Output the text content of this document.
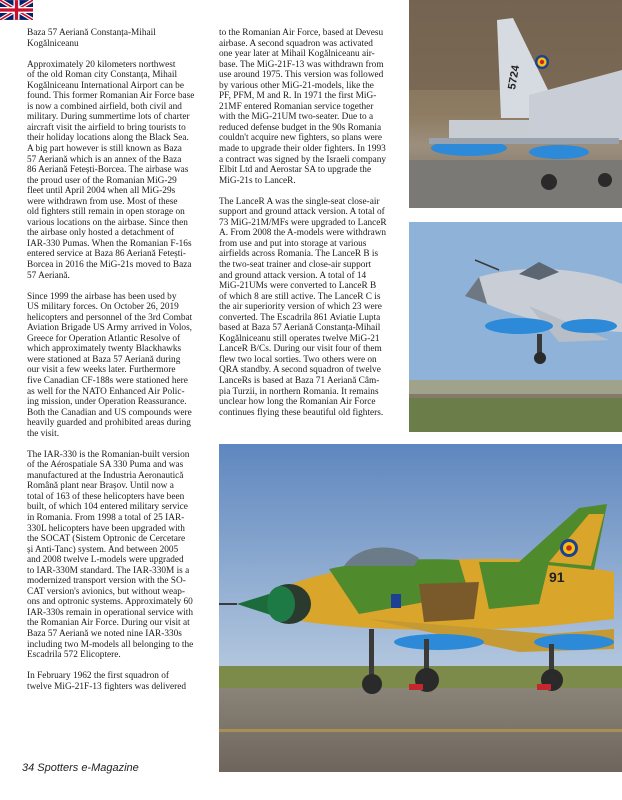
Baza 57 Aeriană Constanța-Mihail
Kogălniceanu

Approximately 20 kilometers northwest
of the old Roman city Constanța, Mihail
Kogălniceanu International Airport can be
found. This former Romanian Air Force base
is now a combined airfield, both civil and
military. During summertime lots of charter
aircraft visit the airfield to bring tourists to
their holiday locations along the Black Sea.
A big part however is still known as Baza
57 Aeriană which is an annex of the Baza
86 Aeriană Fetești-Borcea. The airbase was
the proud user of the Romanian MiG-29
fleet until April 2004 when all MiG-29s
were withdrawn from use. Most of these
old fighters still remain in open storage on
various locations on the airbase. Since then
the airbase only hosted a detachment of
IAR-330 Pumas. When the Romanian F-16s
entered service at Baza 86 Aeriană Fetești-
Borcea in 2016 the MiG-21s moved to Baza
57 Aeriană.

Since 1999 the airbase has been used by
US military forces. On October 26, 2019
helicopters and personnel of the 3rd Combat
Aviation Brigade US Army arrived in Volos,
Greece for Operation Atlantic Resolve of
which approximately twenty Blackhawks
were stationed at Baza 57 Aeriană during
our visit a few weeks later. Furthermore
five Canadian CF-188s were stationed here
as well for the NATO Enhanced Air Polic-
ing mission, under Operation Reassurance.
Both the Canadian and US compounds were
heavily guarded and prohibited areas during
the visit.

The IAR-330 is the Romanian-built version
of the Aérospatiale SA 330 Puma and was
manufactured at the Industria Aeronautică
Română plant near Brașov. Until now a
total of 163 of these helicopters have been
built, of which 104 entered military service
in Romania. From 1998 a total of 25 IAR-
330L helicopters have been upgraded with
the SOCAT (Sistem Optronic de Cercetare
și Anti-Tanc) system. And between 2005
and 2008 twelve L-models were upgraded
to IAR-330M standard. The IAR-330M is a
modernized transport version with the SO-
CAT version's avionics, but without weap-
ons and optronic systems. Approximately 60
IAR-330s remain in operational service with
the Romanian Air Force. During our visit at
Baza 57 Aeriană we noted nine IAR-330s
including two M-models all belonging to the
Escadrila 572 Elicoptere.

In February 1962 the first squadron of
twelve MiG-21F-13 fighters was delivered

to the Romanian Air Force, based at Devesu
airbase. A second squadron was activated
one year later at Mihail Kogălniceanu air-
base. The MiG-21F-13 was withdrawn from
use around 1975. This version was followed
by various other MiG-21-models, like the
PF, PFM, M and R. In 1971 the first MiG-
21MF entered Romanian service together
with the MiG-21UM two-seater. Due to a
reduced defense budget in the 90s Romania
couldn't acquire new fighters, so plans were
made to upgrade their older fighters. In 1993
a contract was signed by the Israeli company
Elbit Ltd and Aerostar SA to upgrade the
MiG-21s to LanceR.

The LanceR A was the single-seat close-air
support and ground attack version. A total of
73 MiG-21M/MFs were upgraded to LanceR
A. From 2008 the A-models were withdrawn
from use and put into storage at various
airfields across Romania. The LanceR B is
the two-seat trainer and close-air support
and ground attack version. A total of 14
MiG-21UMs were converted to LanceR B
of which 8 are still active. The LanceR C is
the air superiority version of which 23 were
converted. The Escadrila 861 Aviatie Lupta
based at Baza 57 Aeriană Constanța-Mihail
Kogălniceanu still operates twelve MiG-21
LanceR B/Cs. During our visit four of them
flew two local sorties. Two others were on
QRA standby. A second squadron of twelve
LanceRs is based at Baza 71 Aeriană Câm-
pia Turzii, in northern Romania. It remains
unclear how long the Romanian Air Force
continues flying these beautiful old fighters.

5724
91
34 Spotters e-Magazine
